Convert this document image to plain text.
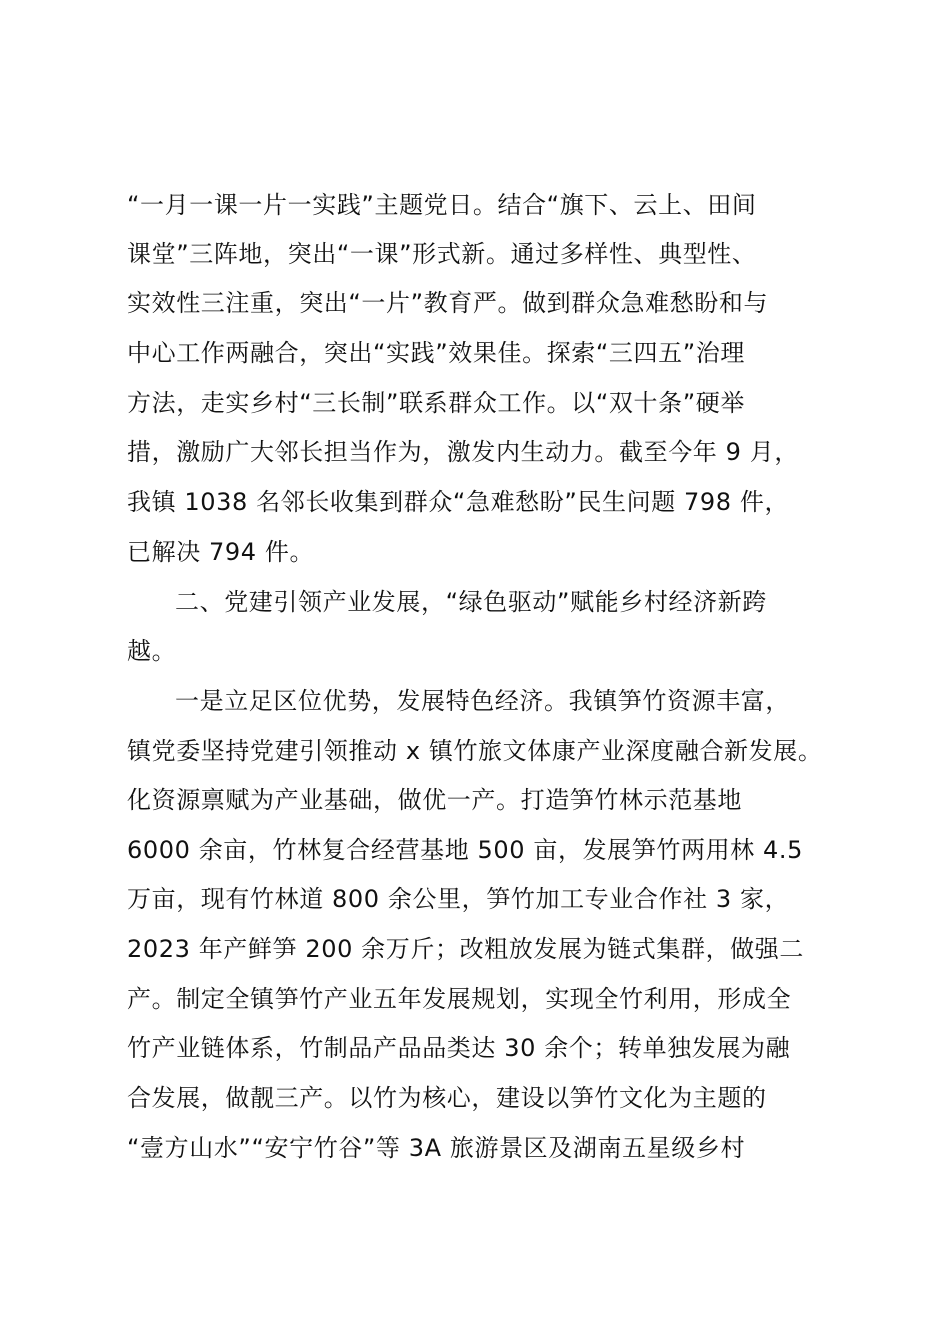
“一月一课一片一实践”主题党日。结合“旗下、云上、田间
课堂”三阵地，突出“一课”形式新。通过多样性、典型性、
实效性三注重，突出“一片”教育严。做到群众急难愁盼和与
中心工作两融合，突出“实践”效果佳。探索“三四五”治理
方法，走实乡村“三长制”联系群众工作。以“双十条”硬举
措，激励广大邻长担当作为，激发内生动力。截至今年 9 月，
我镇 1038 名邻长收集到群众“急难愁盼”民生问题 798 件，
已解决 794 件。
二、党建引领产业发展，“绿色驱动”赋能乡村经济新跨
越。
一是立足区位优势，发展特色经济。我镇笋竹资源丰富，
镇党委坚持党建引领推动 x 镇竹旅文体康产业深度融合新发展。
化资源禀赋为产业基础，做优一产。打造笋竹林示范基地
6000 余亩，竹林复合经营基地 500 亩，发展笋竹两用林 4.5
万亩，现有竹林道 800 余公里，笋竹加工专业合作社 3 家，
2023 年产鲜笋 200 余万斤；改粗放发展为链式集群，做强二
产。制定全镇笋竹产业五年发展规划，实现全竹利用，形成全
竹产业链体系，竹制品产品品类达 30 余个；转单独发展为融
合发展，做靓三产。以竹为核心，建设以笋竹文化为主题的
“壹方山水”“安宁竹谷”等 3A 旅游景区及湖南五星级乡村
